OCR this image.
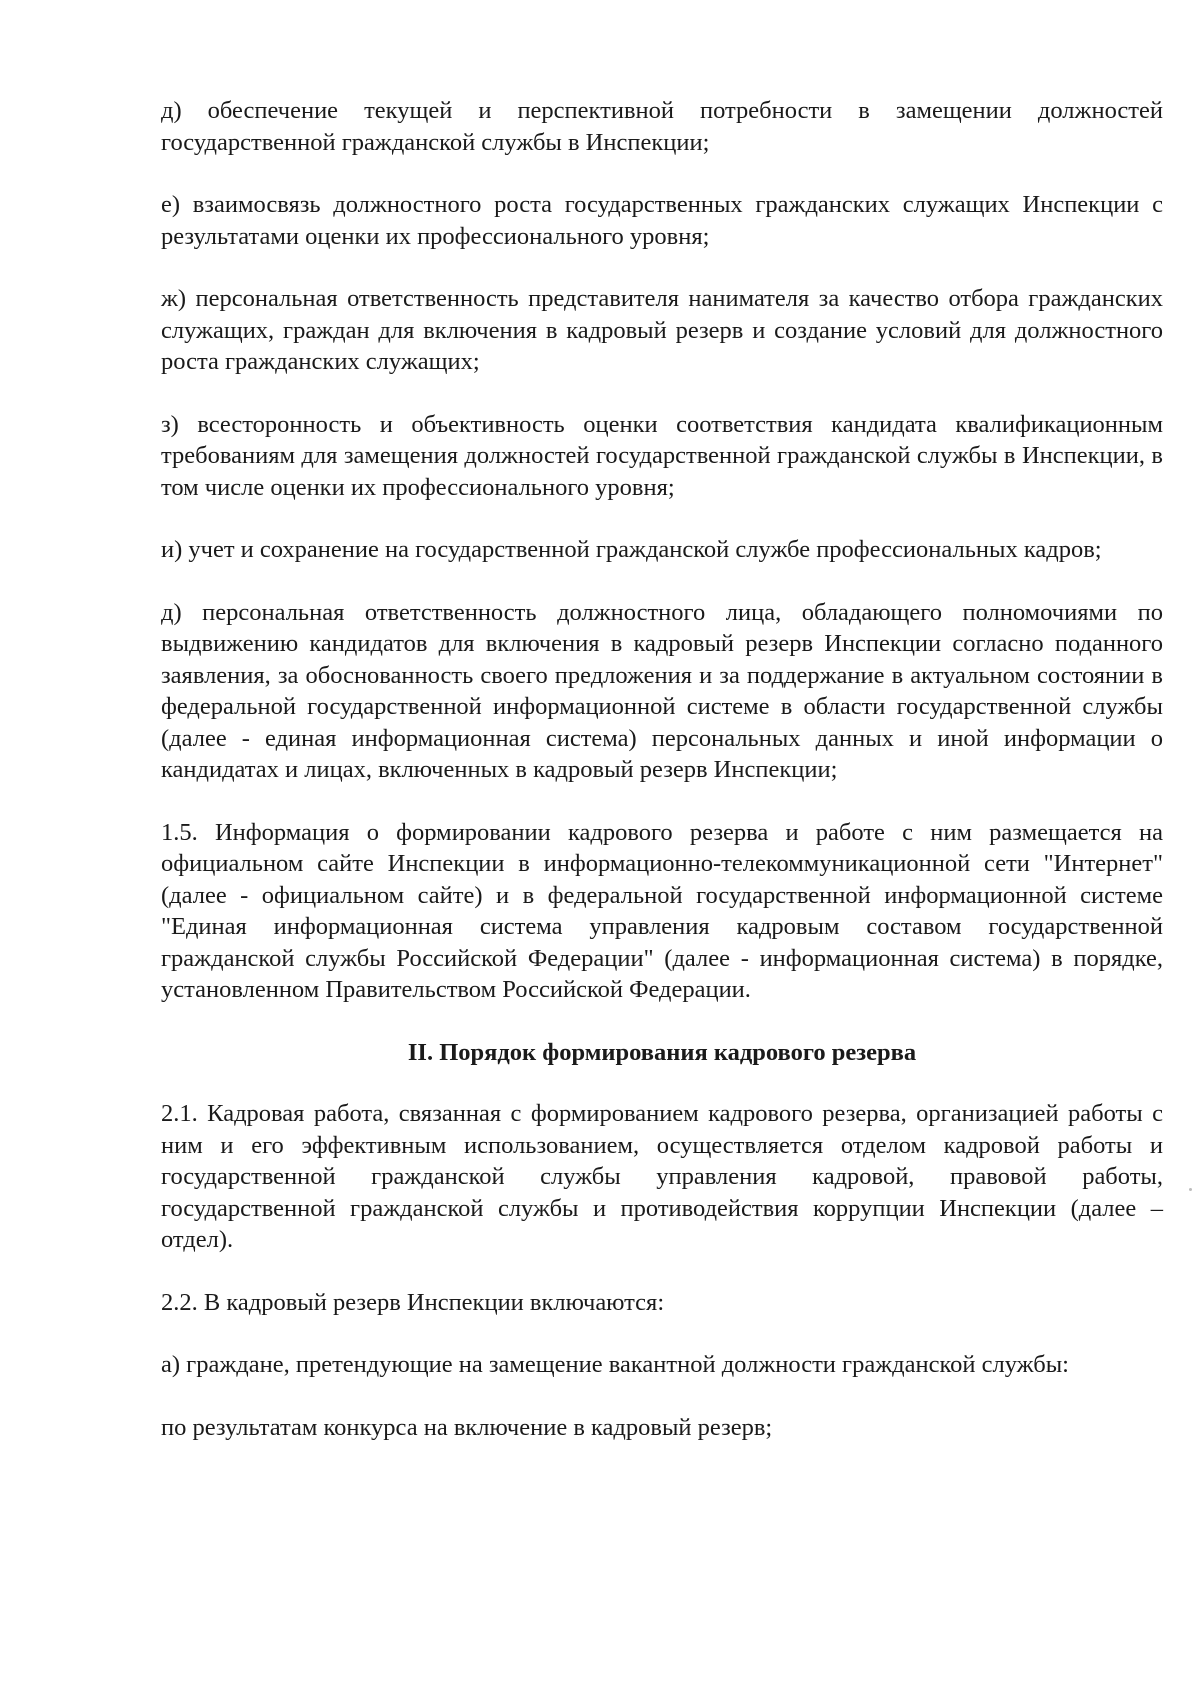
д) обеспечение текущей и перспективной потребности в замещении должностей государственной гражданской службы в Инспекции;

е) взаимосвязь должностного роста государственных гражданских служащих Инспекции с результатами оценки их профессионального уровня;

ж) персональная ответственность представителя нанимателя за качество отбора гражданских служащих, граждан для включения в кадровый резерв и создание условий для должностного роста гражданских служащих;

з) всесторонность и объективность оценки соответствия кандидата квалификационным требованиям для замещения должностей государственной гражданской службы в Инспекции, в том числе оценки их профессионального уровня;

и) учет и сохранение на государственной гражданской службе профессиональных кадров;

д) персональная ответственность должностного лица, обладающего полномочиями по выдвижению кандидатов для включения в кадровый резерв Инспекции согласно поданного заявления, за обоснованность своего предложения и за поддержание в актуальном состоянии в федеральной государственной информационной системе в области государственной службы (далее - единая информационная система) персональных данных и иной информации о кандидатах и лицах, включенных в кадровый резерв Инспекции;

1.5. Информация о формировании кадрового резерва и работе с ним размещается на официальном сайте Инспекции в информационно-телекоммуникационной сети "Интернет" (далее - официальном сайте) и в федеральной государственной информационной системе "Единая информационная система управления кадровым составом государственной гражданской службы Российской Федерации" (далее - информационная система) в порядке, установленном Правительством Российской Федерации.

II. Порядок формирования кадрового резерва

2.1. Кадровая работа, связанная с формированием кадрового резерва, организацией работы с ним и его эффективным использованием, осуществляется отделом кадровой работы и государственной гражданской службы управления кадровой, правовой работы, государственной гражданской службы и противодействия коррупции Инспекции (далее – отдел).

2.2. В кадровый резерв Инспекции включаются:

а) граждане, претендующие на замещение вакантной должности гражданской службы:

по результатам конкурса на включение в кадровый резерв;
